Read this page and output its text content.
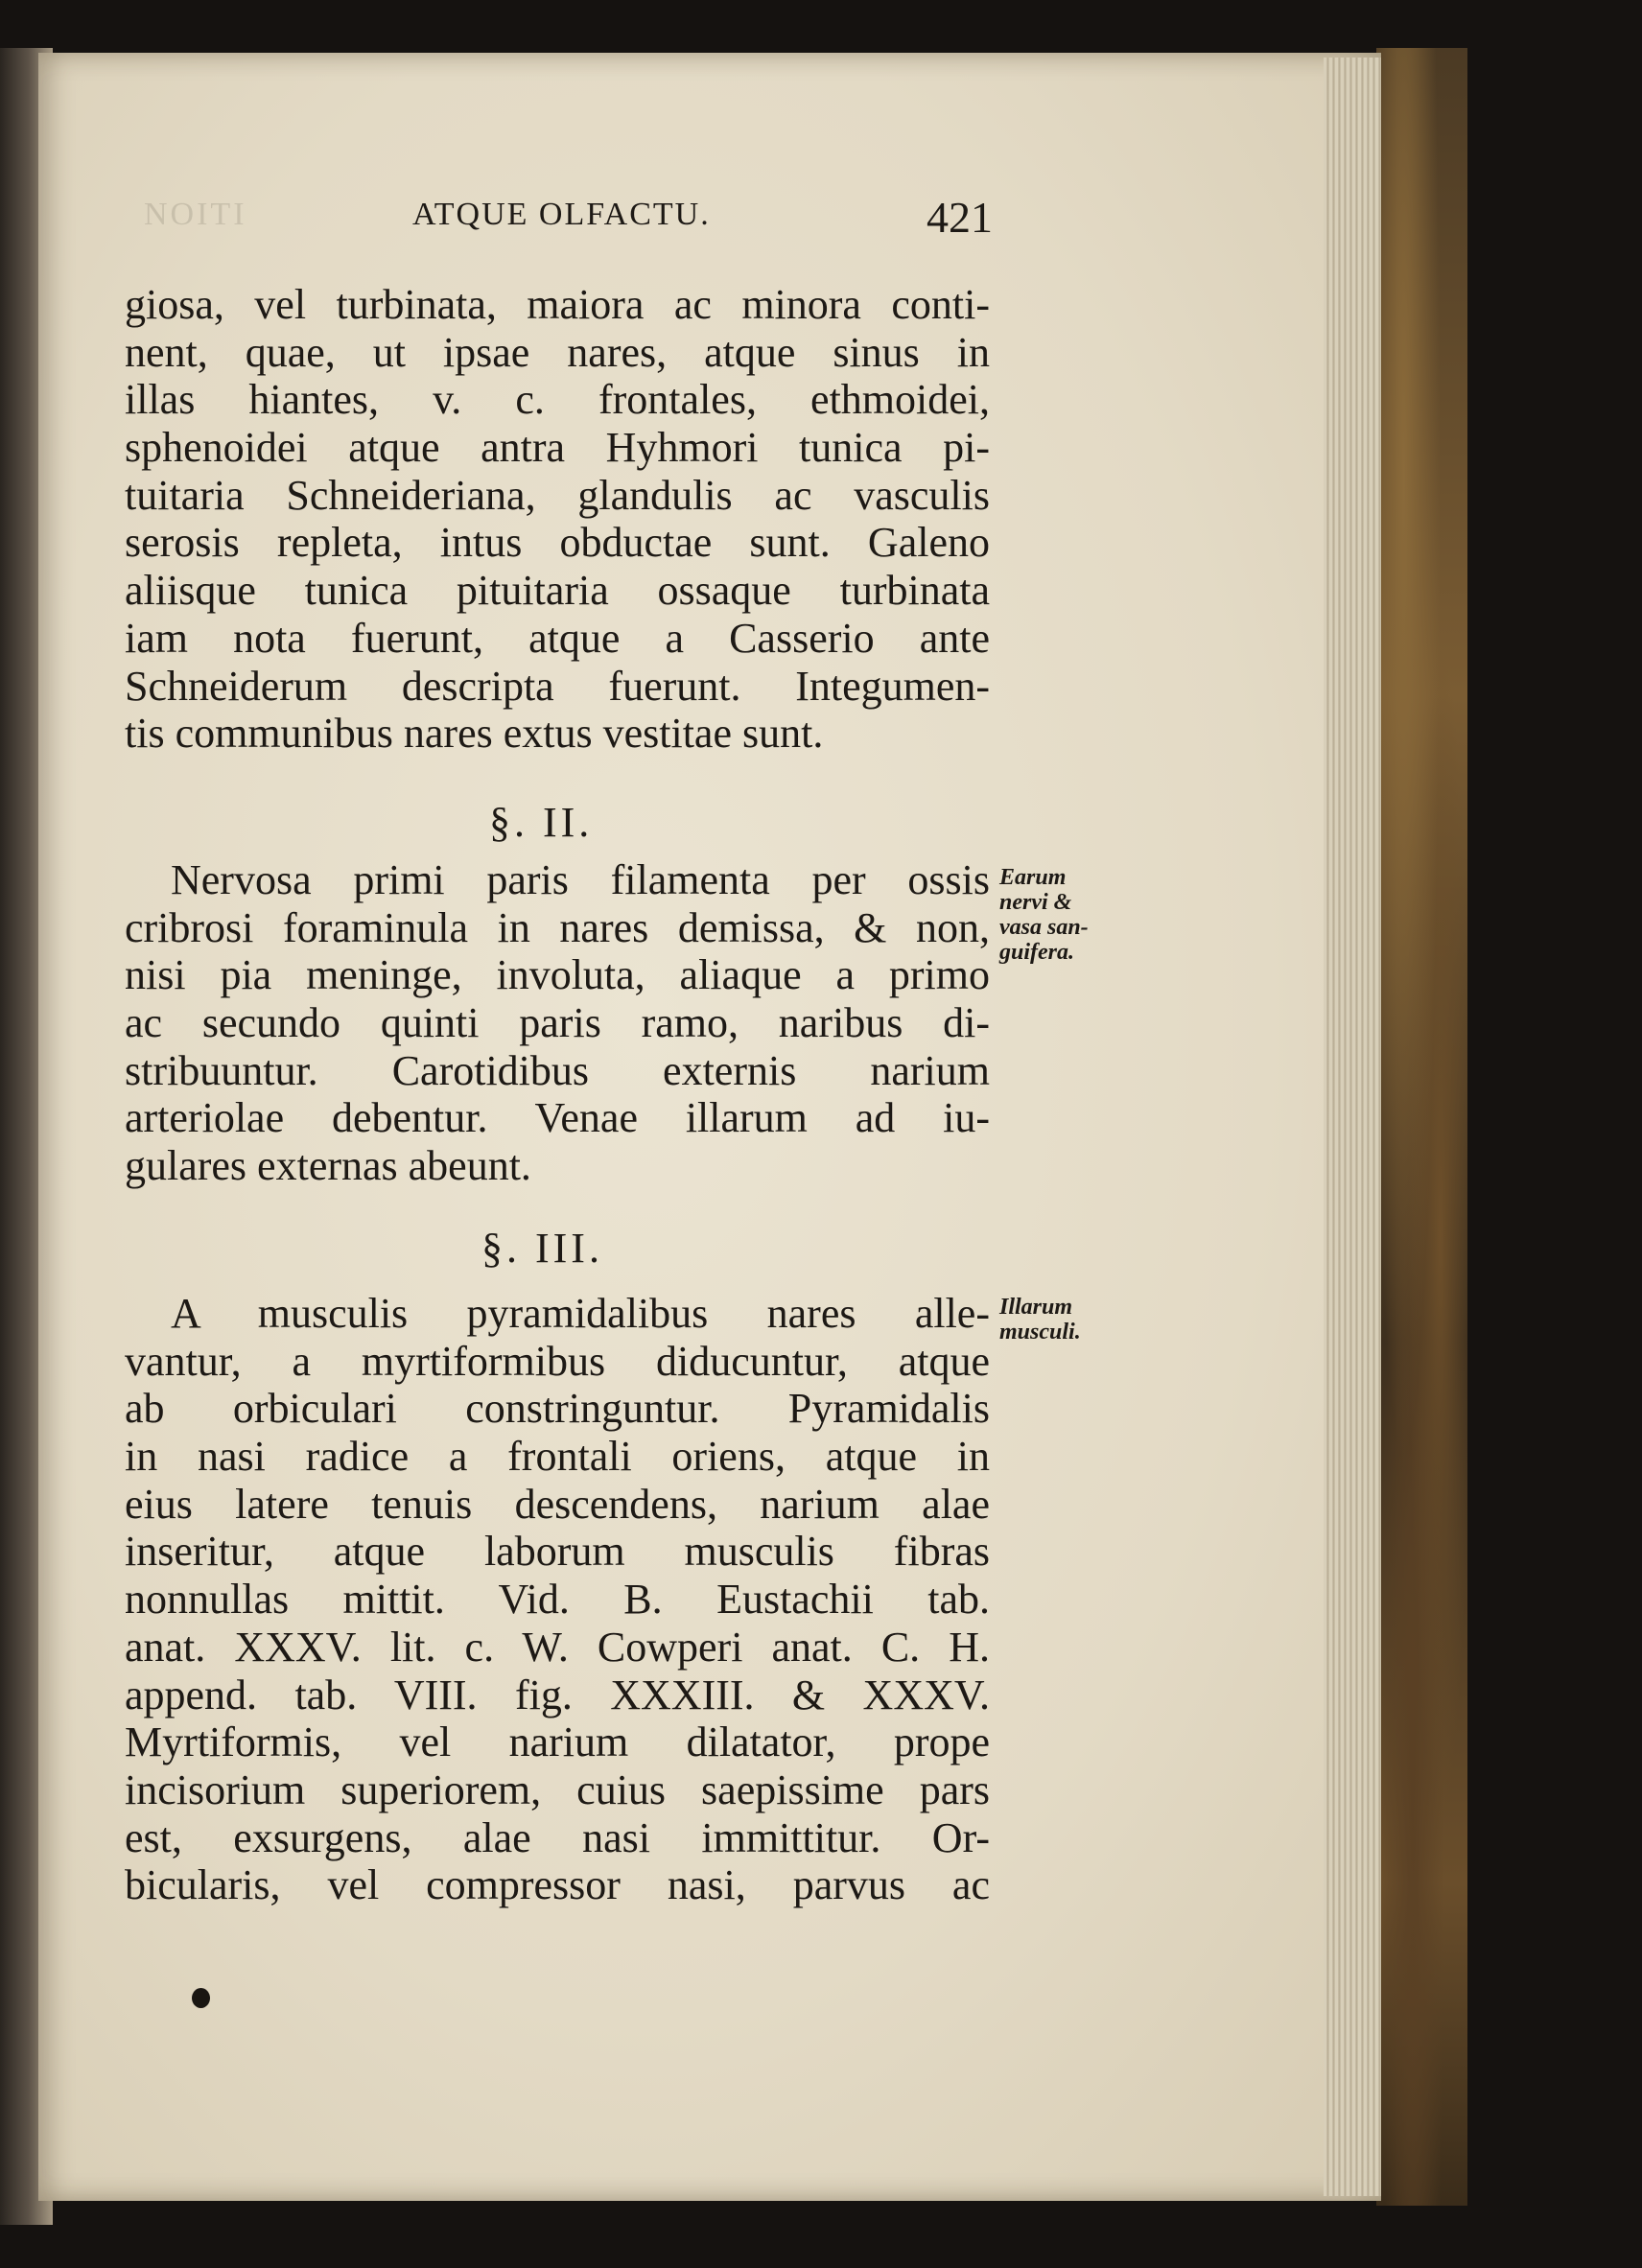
NOITI	ATQUE OLFACTU.	421
giosa, vel turbinata, maiora ac minora conti-
nent, quae, ut ipsae nares, atque sinus in
illas hiantes, v. c. frontales, ethmoidei,
sphenoidei atque antra Hyhmori tunica pi-
tuitaria Schneideriana, glandulis ac vasculis
serosis repleta, intus obductae sunt. Galeno
aliisque tunica pituitaria ossaque turbinata
iam nota fuerunt, atque a Casserio ante
Schneiderum descripta fuerunt. Integumen-
tis communibus nares extus vestitae sunt.
§. II.
Nervosa primi paris filamenta per ossis
cribrosi foraminula in nares demissa, & non,
nisi pia meninge, involuta, aliaque a primo
ac secundo quinti paris ramo, naribus di-
stribuuntur. Carotidibus externis narium
arteriolae debentur. Venae illarum ad iu-
gulares externas abeunt.
Earum
nervi &
vasa san-
guifera.
§. III.
A musculis pyramidalibus nares alle-
vantur, a myrtiformibus diducuntur, atque
ab orbiculari constringuntur. Pyramidalis
in nasi radice a frontali oriens, atque in
eius latere tenuis descendens, narium alae
inseritur, atque laborum musculis fibras
nonnullas mittit. Vid. B. Eustachii tab.
anat. XXXV. lit. c. W. Cowperi anat. C. H.
append. tab. VIII. fig. XXXIII. & XXXV.
Myrtiformis, vel narium dilatator, prope
incisorium superiorem, cuius saepissime pars
est, exsurgens, alae nasi immittitur. Or-
bicularis, vel compressor nasi, parvus ac
Illarum
musculi.
